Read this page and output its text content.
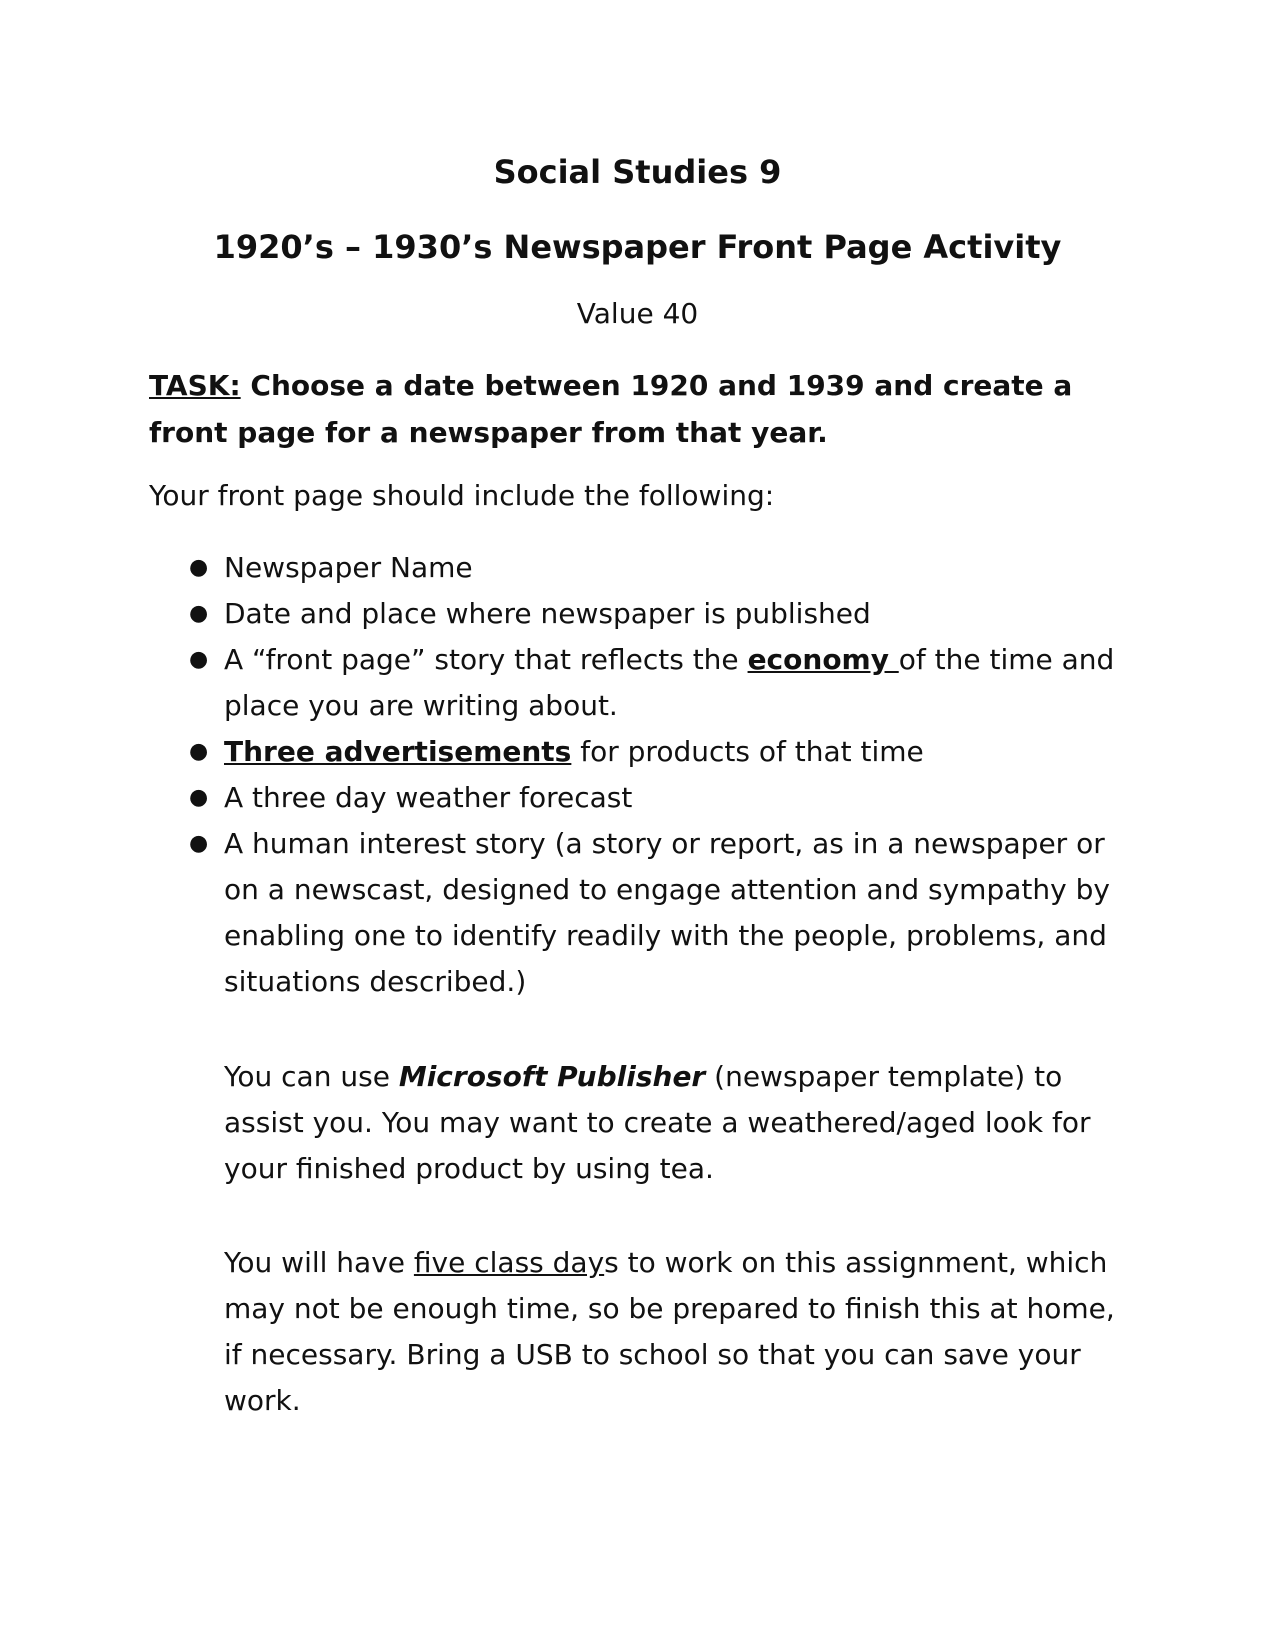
Social Studies 9
1920’s – 1930’s Newspaper Front Page Activity

Value 40

TASK: Choose a date between 1920 and 1939 and create a front page for a newspaper from that year.

Your front page should include the following:

● Newspaper Name
● Date and place where newspaper is published
● A “front page” story that reflects the economy of the time and place you are writing about.
● Three advertisements for products of that time
● A three day weather forecast
● A human interest story (a story or report, as in a newspaper or on a newscast, designed to engage attention and sympathy by enabling one to identify readily with the people, problems, and situations described.)

You can use Microsoft Publisher (newspaper template) to assist you. You may want to create a weathered/aged look for your finished product by using tea.

You will have five class days to work on this assignment, which may not be enough time, so be prepared to finish this at home, if necessary. Bring a USB to school so that you can save your work.
